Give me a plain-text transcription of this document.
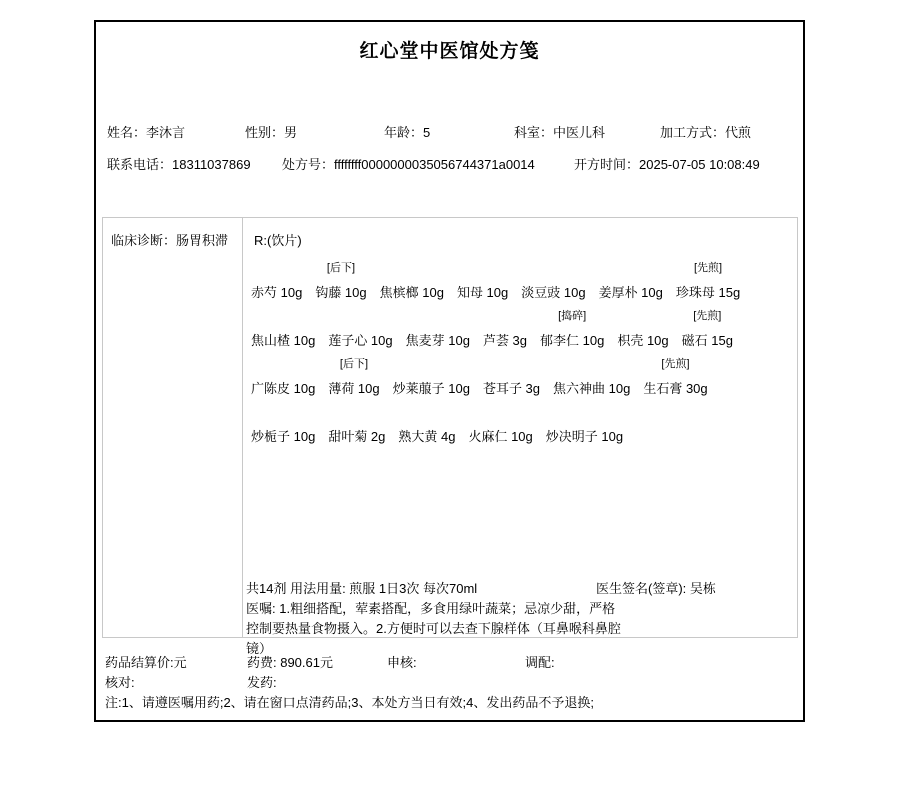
红心堂中医馆处方笺
姓名：李沐言	性别：男	年龄：5	科室：中医儿科	加工方式：代煎
联系电话：18311037869 处方号：ffffffff0000000035056744371a0014	开方时间：2025-07-05 10:08:49
临床诊断：肠胃积滞 R:(饮片)

赤芍 10g
[后下]
钩藤 10g
焦槟榔 10g
知母 10g
淡豆豉 10g
姜厚朴 10g
[先煎]
珍珠母 15g

焦山楂 10g
莲子心 10g
焦麦芽 10g
芦荟 3g
[捣碎]
郁李仁 10g
枳壳 10g
[先煎]
磁石 15g

广陈皮 10g
[后下]
薄荷 10g
炒莱菔子 10g
苍耳子 3g
焦六神曲 10g
[先煎]
生石膏 30g

炒栀子 10g
甜叶菊 2g
熟大黄 4g
火麻仁 10g
炒决明子 10g
共14剂 用法用量: 煎服 1日3次 每次70ml	医生签名(签章): 吴栋
医嘱: 1.粗细搭配，荤素搭配，多食用绿叶蔬菜；忌凉少甜，严格
控制要热量食物摄入。2.方便时可以去查下腺样体（耳鼻喉科鼻腔
镜）
药品结算价:元	药费: 890.61元	申核:	调配:
核对:	发药:
注:1、请遵医嘱用药;2、请在窗口点清药品;3、本处方当日有效;4、发出药品不予退换;
